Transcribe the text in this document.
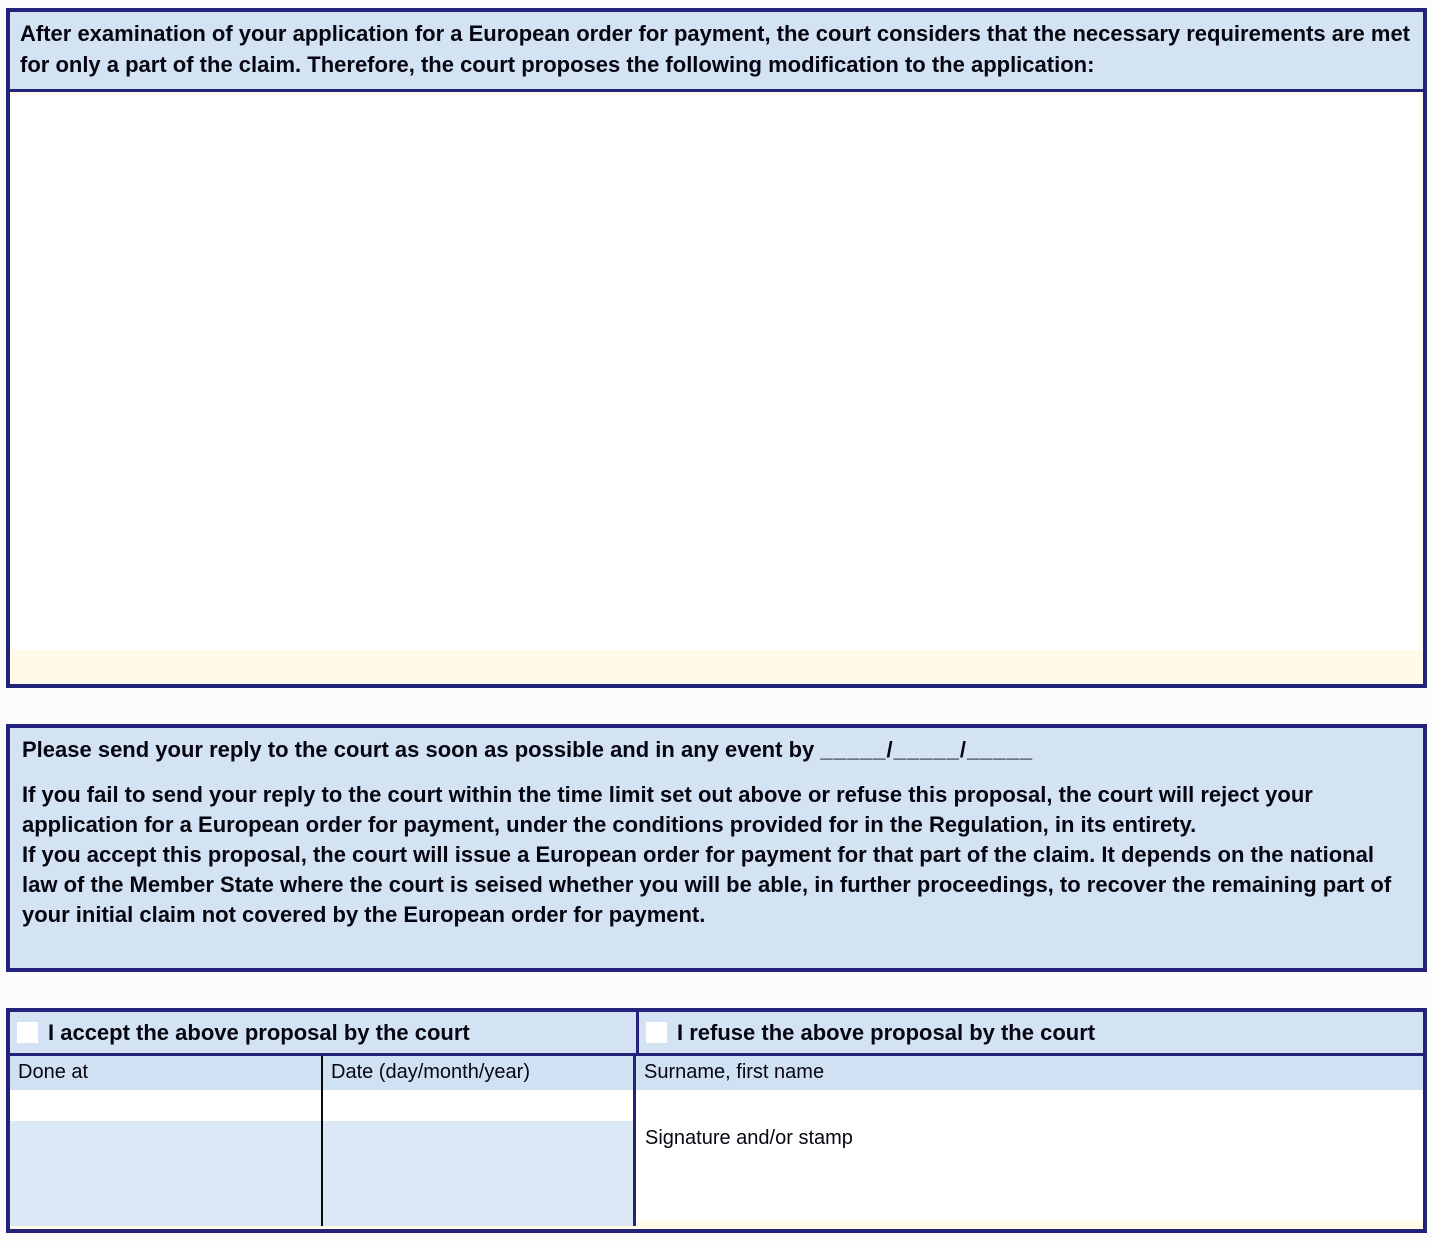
After examination of your application for a European order for payment, the court considers that the necessary requirements are met for only a part of the claim. Therefore, the court proposes the following modification to the application:

Please send your reply to the court as soon as possible and in any event by _____/_____/_____

If you fail to send your reply to the court within the time limit set out above or refuse this proposal, the court will reject your application for a European order for payment, under the conditions provided for in the Regulation, in its entirety.

If you accept this proposal, the court will issue a European order for payment for that part of the claim. It depends on the national law of the Member State where the court is seised whether you will be able, in further proceedings, to recover the remaining part of your initial claim not covered by the European order for payment.

I accept the above proposal by the court	I refuse the above proposal by the court
Done at	Date (day/month/year)	Surname, first name
Signature and/or stamp
